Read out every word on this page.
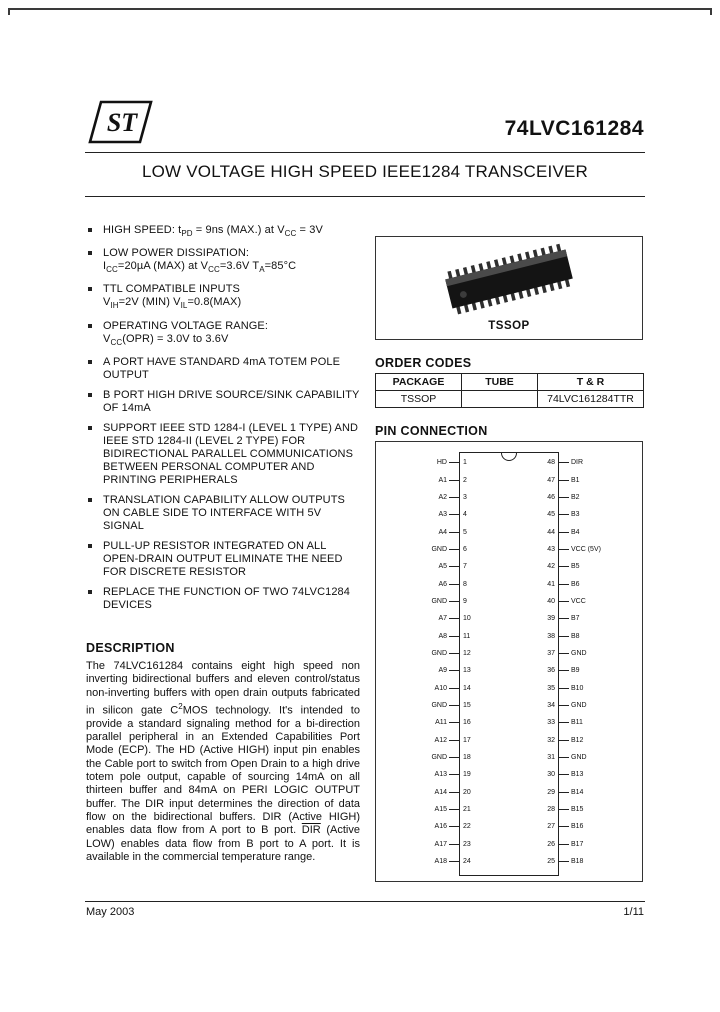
ST	74LVC161284
LOW VOLTAGE HIGH SPEED IEEE1284 TRANSCEIVER
HIGH SPEED: $t_{PD} = 9ns$ (MAX.) at $V_{CC} = 3V$
LOW POWER DISSIPATION:
$I_{CC}=20\mu A$ (MAX) at $V_{CC}=3.6V$ $T_A=85^\circ C$
TTL COMPATIBLE INPUTS
$V_{IH}=2V$ (MIN) $V_{IL}=0.8(MAX)$
OPERATING VOLTAGE RANGE:
$V_{CC}(OPR) = 3.0V$ to 3.6V
A PORT HAVE STANDARD 4mA TOTEM POLE OUTPUT
B PORT HIGH DRIVE SOURCE/SINK CAPABILITY OF 14mA
SUPPORT IEEE STD 1284-I (LEVEL 1 TYPE) AND IEEE STD 1284-II (LEVEL 2 TYPE) FOR BIDIRECTIONAL PARALLEL COMMUNICATIONS BETWEEN PERSONAL COMPUTER AND PRINTING PERIPHERALS
TRANSLATION CAPABILITY ALLOW OUTPUTS ON CABLE SIDE TO INTERFACE WITH 5V SIGNAL
PULL-UP RESISTOR INTEGRATED ON ALL OPEN-DRAIN OUTPUT ELIMINATE THE NEED FOR DISCRETE RESISTOR
REPLACE THE FUNCTION OF TWO 74LVC1284 DEVICES
DESCRIPTION
The 74LVC161284 contains eight high speed non inverting bidirectional buffers and eleven control/status non-inverting buffers with open drain outputs fabricated in silicon gate $C^2MOS$ technology. It's intended to provide a standard signaling method for a bi-direction parallel peripheral in an Extended Capabilities Port Mode (ECP). The HD (Active HIGH) input pin enables the Cable port to switch from Open Drain to a high drive totem pole output, capable of sourcing 14mA on all thirteen buffer and 84mA on PERI LOGIC OUTPUT buffer. The DIR input determines the direction of data flow on the bidirectional buffers. DIR (Active HIGH) enables data flow from A port to B port. $\overline{DIR}$ (Active LOW) enables data flow from B port to A port. It is available in the commercial temperature range.
TSSOP
ORDER CODES
PACKAGE	TUBE	T & R
TSSOP		74LVC161284TTR
PIN CONNECTION
HD 1	48 DIR
A1 2	47 B1
A2 3	46 B2
A3 4	45 B3
A4 5	44 B4
GND 6	43 VCC (5V)
A5 7	42 B5
A6 8	41 B6
GND 9	40 VCC
A7 10	39 B7
A8 11	38 B8
GND 12	37 GND
A9 13	36 B9
A10 14	35 B10
GND 15	34 GND
A11 16	33 B11
A12 17	32 B12
GND 18	31 GND
A13 19	30 B13
A14 20	29 B14
A15 21	28 B15
A16 22	27 B16
A17 23	26 B17
A18 24	25 B18
May 2003	1/11
